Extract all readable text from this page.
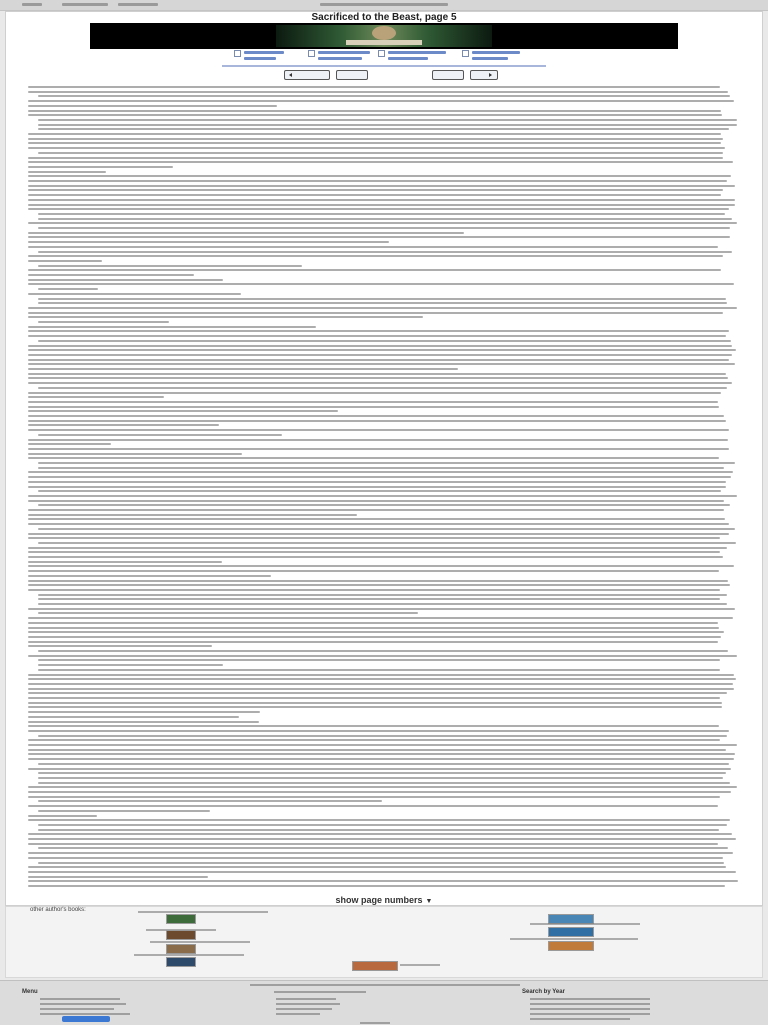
Sacrificed to the Beast, page 5
show page numbers ▼
other author's books:
Menu	Search by Year
